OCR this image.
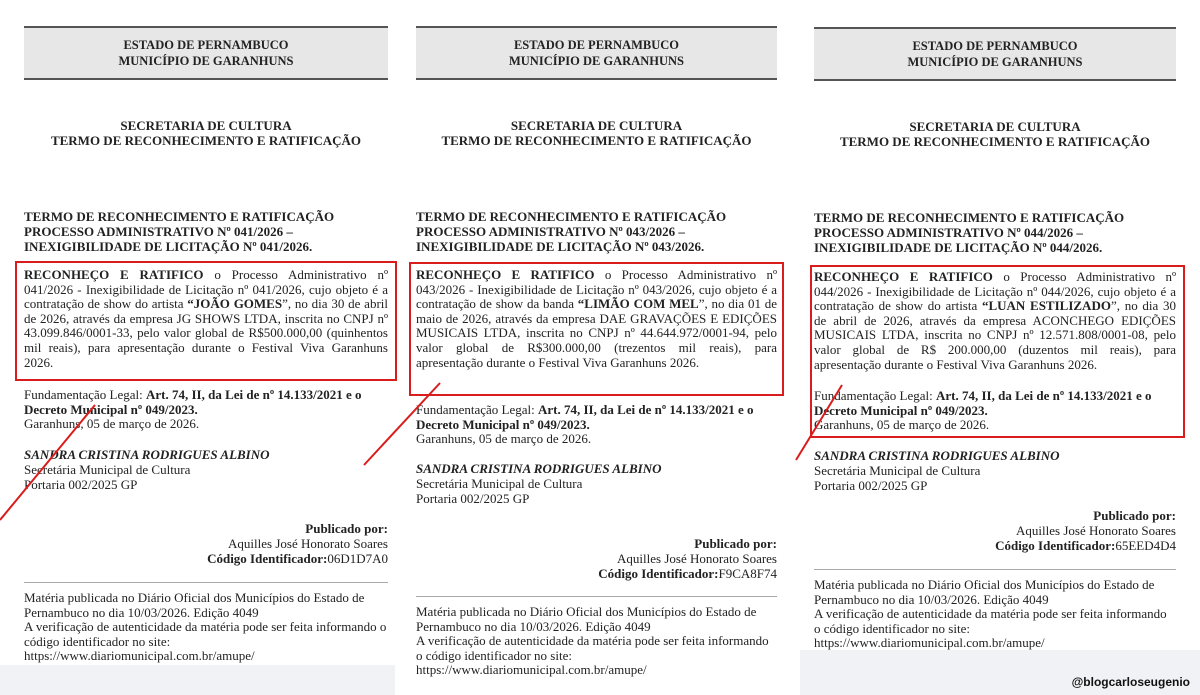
ESTADO DE PERNAMBUCO
MUNICÍPIO DE GARANHUNS
SECRETARIA DE CULTURA
TERMO DE RECONHECIMENTO E RATIFICAÇÃO
TERMO DE RECONHECIMENTO E RATIFICAÇÃO
PROCESSO ADMINISTRATIVO Nº 041/2026 –
INEXIGIBILIDADE DE LICITAÇÃO Nº 041/2026.
RECONHEÇO E RATIFICO o Processo Administrativo nº 041/2026 - Inexigibilidade de Licitação nº 041/2026, cujo objeto é a contratação de show do artista “JOÃO GOMES”, no dia 30 de abril de 2026, através da empresa JG SHOWS LTDA, inscrita no CNPJ nº 43.099.846/0001-33, pelo valor global de R$500.000,00 (quinhentos mil reais), para apresentação durante o Festival Viva Garanhuns 2026.
Fundamentação Legal: Art. 74, II, da Lei de nº 14.133/2021 e o Decreto Municipal nº 049/2023.
Garanhuns, 05 de março de 2026.
SANDRA CRISTINA RODRIGUES ALBINO
Secretária Municipal de Cultura
Portaria 002/2025 GP
Publicado por:
Aquilles José Honorato Soares
Código Identificador:06D1D7A0
Matéria publicada no Diário Oficial dos Municípios do Estado de Pernambuco no dia 10/03/2026. Edição 4049
A verificação de autenticidade da matéria pode ser feita informando o código identificador no site:
https://www.diariomunicipal.com.br/amupe/
ESTADO DE PERNAMBUCO
MUNICÍPIO DE GARANHUNS
SECRETARIA DE CULTURA
TERMO DE RECONHECIMENTO E RATIFICAÇÃO
TERMO DE RECONHECIMENTO E RATIFICAÇÃO
PROCESSO ADMINISTRATIVO Nº 043/2026 –
INEXIGIBILIDADE DE LICITAÇÃO Nº 043/2026.
RECONHEÇO E RATIFICO o Processo Administrativo nº 043/2026 - Inexigibilidade de Licitação nº 043/2026, cujo objeto é a contratação de show da banda “LIMÃO COM MEL”, no dia 01 de maio de 2026, através da empresa DAE GRAVAÇÕES E EDIÇÕES MUSICAIS LTDA, inscrita no CNPJ nº 44.644.972/0001-94, pelo valor global de R$300.000,00 (trezentos mil reais), para apresentação durante o Festival Viva Garanhuns 2026.
Fundamentação Legal: Art. 74, II, da Lei de nº 14.133/2021 e o Decreto Municipal nº 049/2023.
Garanhuns, 05 de março de 2026.
SANDRA CRISTINA RODRIGUES ALBINO
Secretária Municipal de Cultura
Portaria 002/2025 GP
Publicado por:
Aquilles José Honorato Soares
Código Identificador:F9CA8F74
Matéria publicada no Diário Oficial dos Municípios do Estado de Pernambuco no dia 10/03/2026. Edição 4049
A verificação de autenticidade da matéria pode ser feita informando o código identificador no site:
https://www.diariomunicipal.com.br/amupe/
ESTADO DE PERNAMBUCO
MUNICÍPIO DE GARANHUNS
SECRETARIA DE CULTURA
TERMO DE RECONHECIMENTO E RATIFICAÇÃO
TERMO DE RECONHECIMENTO E RATIFICAÇÃO
PROCESSO ADMINISTRATIVO Nº 044/2026 –
INEXIGIBILIDADE DE LICITAÇÃO Nº 044/2026.
RECONHEÇO E RATIFICO o Processo Administrativo nº 044/2026 - Inexigibilidade de Licitação nº 044/2026, cujo objeto é a contratação de show do artista “LUAN ESTILIZADO”, no dia 30 de abril de 2026, através da empresa ACONCHEGO EDIÇÕES MUSICAIS LTDA, inscrita no CNPJ nº 12.571.808/0001-08, pelo valor global de R$ 200.000,00 (duzentos mil reais), para apresentação durante o Festival Viva Garanhuns 2026.
Fundamentação Legal: Art. 74, II, da Lei de nº 14.133/2021 e o Decreto Municipal nº 049/2023.
Garanhuns, 05 de março de 2026.
SANDRA CRISTINA RODRIGUES ALBINO
Secretária Municipal de Cultura
Portaria 002/2025 GP
Publicado por:
Aquilles José Honorato Soares
Código Identificador:65EED4D4
Matéria publicada no Diário Oficial dos Municípios do Estado de Pernambuco no dia 10/03/2026. Edição 4049
A verificação de autenticidade da matéria pode ser feita informando o código identificador no site:
https://www.diariomunicipal.com.br/amupe/
@blogcarloseugenio
